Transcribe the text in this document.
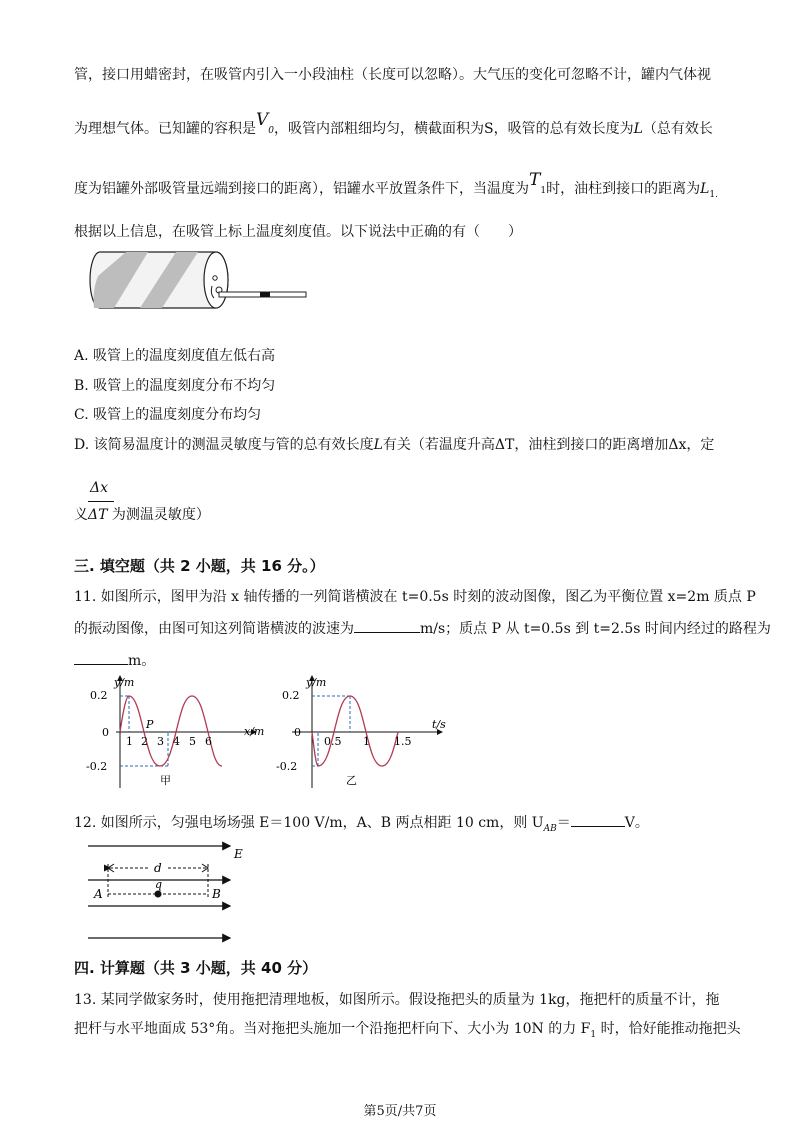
管，接口用蜡密封，在吸管内引入一小段油柱（长度可以忽略）。大气压的变化可忽略不计，罐内气体视
为理想气体。已知罐的容积是$V_0$，吸管内部粗细均匀，横截面积为S，吸管的总有效长度为L（总有效长
度为铝罐外部吸管量远端到接口的距离），铝罐水平放置条件下，当温度为$T_1$时，油柱到接口的距离为$L_{1.}$
根据以上信息，在吸管上标上温度刻度值。以下说法中正确的有（　　）
A. 吸管上的温度刻度值左低右高
B. 吸管上的温度刻度分布不均匀
C. 吸管上的温度刻度分布均匀
D. 该简易温度计的测温灵敏度与管的总有效长度L有关（若温度升高ΔT，油柱到接口的距离增加Δx，定
Δx
义ΔT 为测温灵敏度）
三. 填空题（共 2 小题，共 16 分。）
11. 如图所示，图甲为沿 x 轴传播的一列简谐横波在 t=0.5s 时刻的波动图像，图乙为平衡位置 x=2m 质点 P
的振动图像，由图可知这列简谐横波的波速为	m/s；质点 P 从 t=0.5s 到 t=2.5s 时间内经过的路程为
m。
y/m
x/m
0.2
0
-0.2
1 2 3 4 5 6
P
甲
y/m
t/s
0.2
0
-0.2
0.5 1 1.5
乙
12. 如图所示，匀强电场场强 E＝100 V/m，A、B 两点相距 10 cm，则 $U_{AB}=$	V。
E
d
q
A	B
四. 计算题（共 3 小题，共 40 分）
13. 某同学做家务时，使用拖把清理地板，如图所示。假设拖把头的质量为 1kg，拖把杆的质量不计，拖
把杆与水平地面成 53°角。当对拖把头施加一个沿拖把杆向下、大小为 10N 的力 $F_1$ 时，恰好能推动拖把头
第5页/共7页
